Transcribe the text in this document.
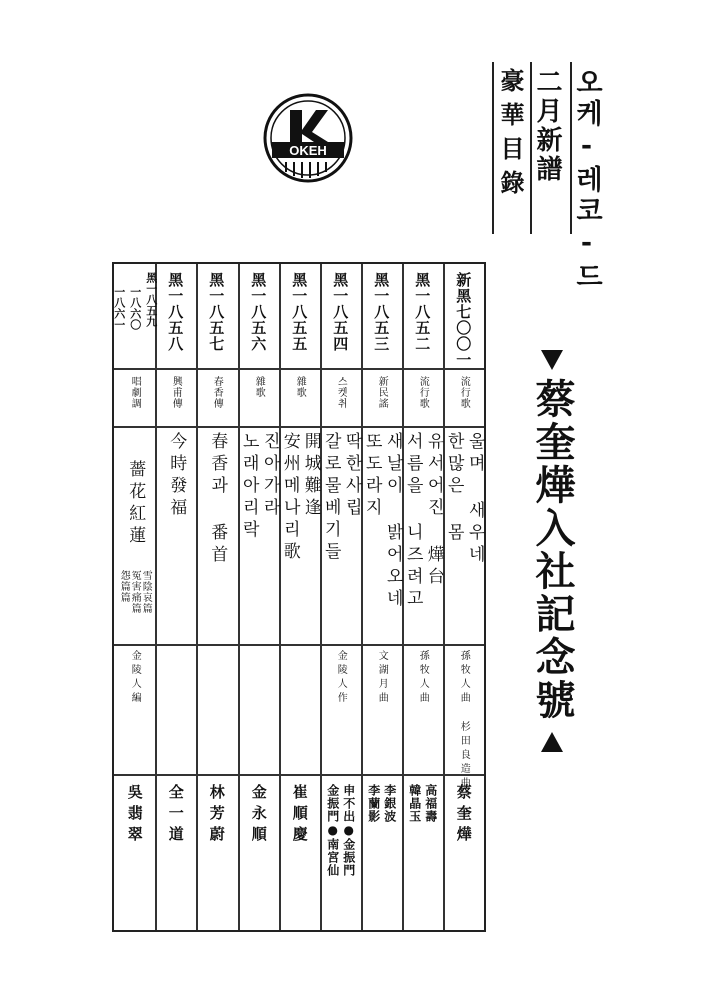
OKEH	오케-레코-드
二月新譜
豪華目錄
蔡奎燁入社記念號
新黑七〇〇一
流行歌
울며 새우네
한많은 몸
孫牧人曲 杉田良造曲
蔡奎燁
黑一八五二
流行歌
유서어진 燁台
서름을 니즈려고
孫牧人曲
高福壽
韓晶玉
黑一八五三
新民謠
새날이 밝어오네
또도라지
文湖月曲
李銀波
李蘭影
黑一八五四
스켓취
딱한사립
갈로물베기들
金陵人作
申不出●金振門
金振門●南宮仙
黑一八五五
雜歌
開城難逢
安州메나리歌
崔順慶
黑一八五六
雜歌
진아가라
노래아리락
金永順
黑一八五七
春香傳
春香과 番首
林芳蔚
黑一八五八
興甫傳
今時發福
全一道
黑一八五九
一八六〇
一八六一
唱劇調
薔花紅蓮
雪陰哀篇
冤害痛篇
怨篇篇
金陵人編
吳翡翠
